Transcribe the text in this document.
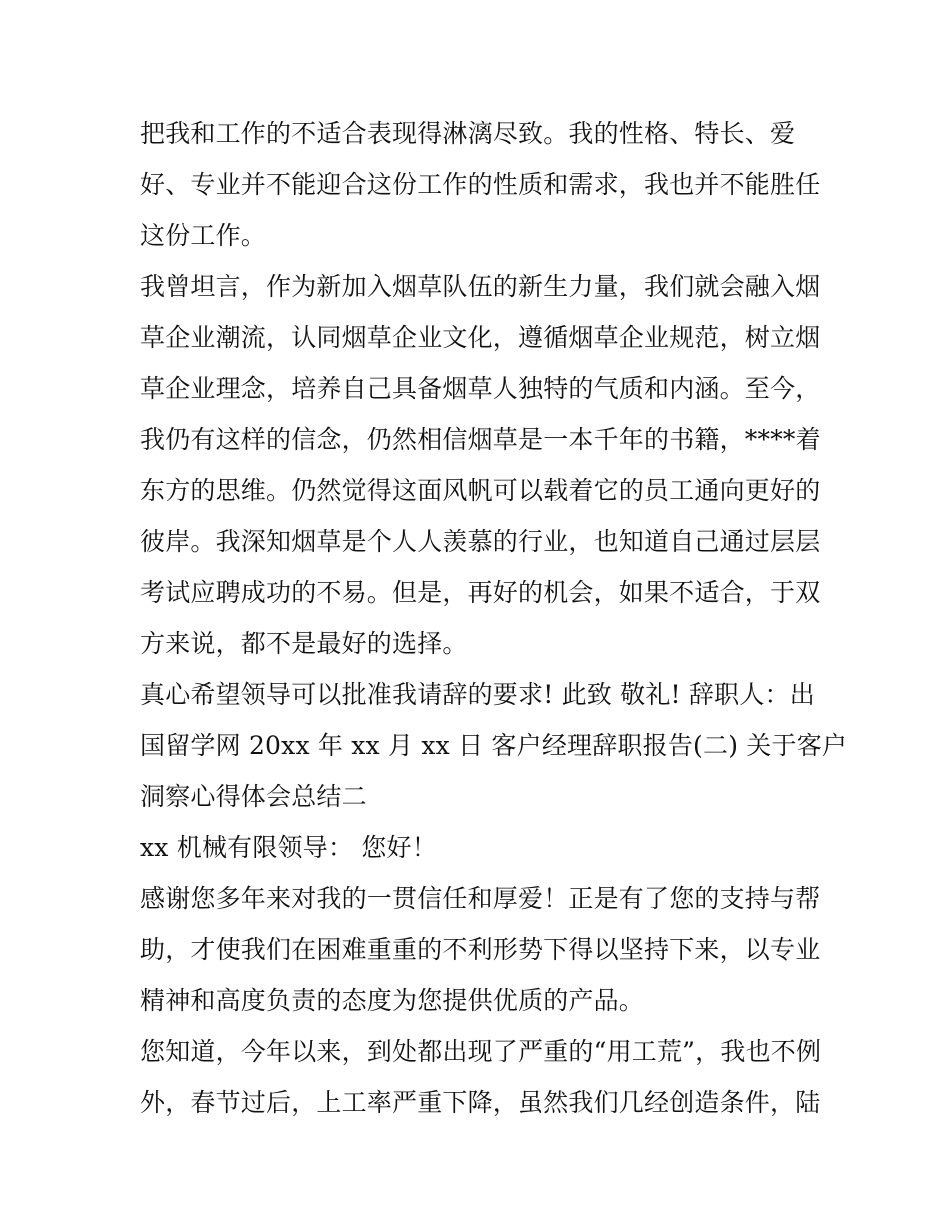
把我和工作的不适合表现得淋漓尽致。我的性格、特长、爱
好、专业并不能迎合这份工作的性质和需求，我也并不能胜任
这份工作。
我曾坦言，作为新加入烟草队伍的新生力量，我们就会融入烟
草企业潮流，认同烟草企业文化，遵循烟草企业规范，树立烟
草企业理念，培养自己具备烟草人独特的气质和内涵。至今，
我仍有这样的信念，仍然相信烟草是一本千年的书籍，****着
东方的思维。仍然觉得这面风帆可以载着它的员工通向更好的
彼岸。我深知烟草是个人人羡慕的行业，也知道自己通过层层
考试应聘成功的不易。但是，再好的机会，如果不适合，于双
方来说，都不是最好的选择。
真心希望领导可以批准我请辞的要求! 此致 敬礼! 辞职人：出
国留学网 20xx 年 xx 月 xx 日 客户经理辞职报告(二) 关于客户
洞察心得体会总结二
xx 机械有限领导： 您好！
感谢您多年来对我的一贯信任和厚爱！正是有了您的支持与帮
助，才使我们在困难重重的不利形势下得以坚持下来，以专业
精神和高度负责的态度为您提供优质的产品。
您知道，今年以来，到处都出现了严重的“用工荒”，我也不例
外，春节过后，上工率严重下降，虽然我们几经创造条件，陆
